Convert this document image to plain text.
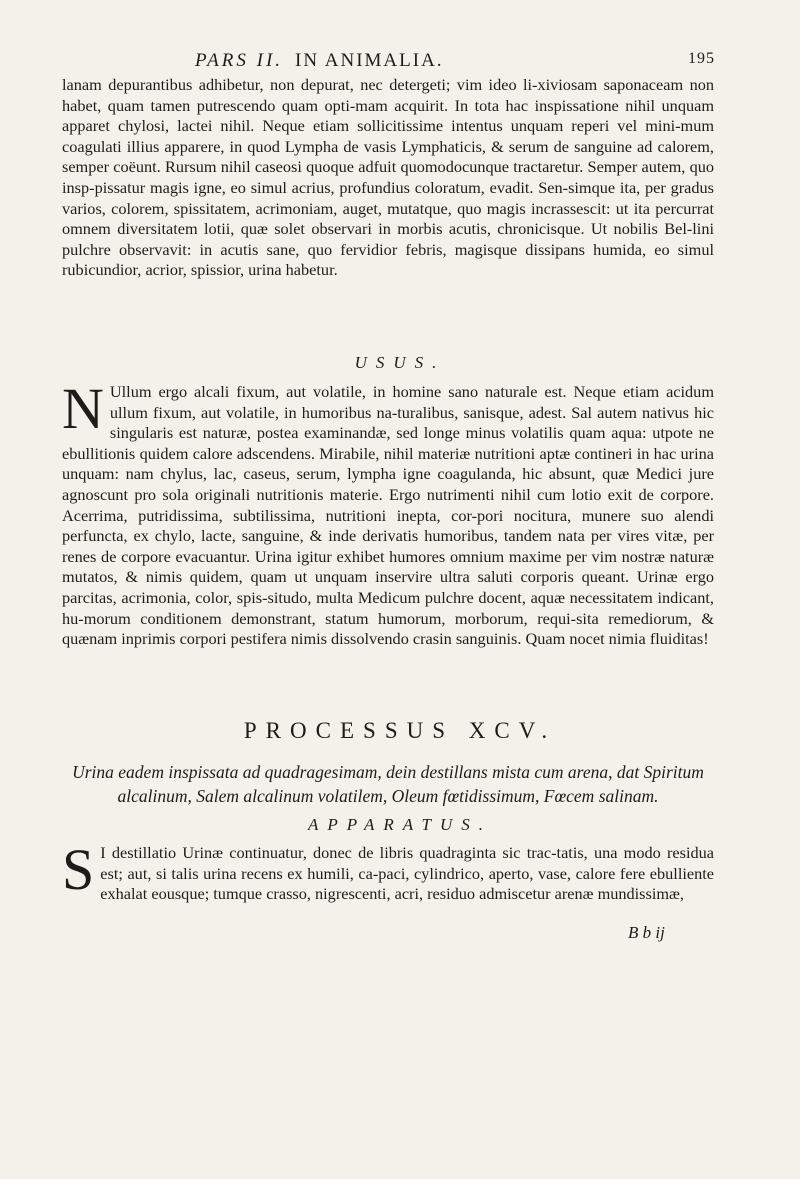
PARS II. IN ANIMALIA.	195
lanam depurantibus adhibetur, non depurat, nec detergeti; vim ideo li-xiviosam saponaceam non habet, quam tamen putrescendo quam opti-mam acquirit. In tota hac inspissatione nihil unquam apparet chylosi, lactei nihil. Neque etiam sollicitissime intentus unquam reperi vel mini-mum coagulati illius apparere, in quod Lympha de vasis Lymphaticis, & serum de sanguine ad calorem, semper coëunt. Rursum nihil caseosi quoque adfuit quomodocunque tractaretur. Semper autem, quo insp-pissatur magis igne, eo simul acrius, profundius coloratum, evadit. Sen-simque ita, per gradus varios, colorem, spissitatem, acrimoniam, auget, mutatque, quo magis incrassescit: ut ita percurrat omnem diversitatem lotii, quæ solet observari in morbis acutis, chronicisque. Ut nobilis Bel-lini pulchre observavit: in acutis sane, quo fervidior febris, magisque dissipans humida, eo simul rubicundior, acrior, spissior, urina habetur.
USUS.
N Ullum ergo alcali fixum, aut volatile, in homine sano naturale est. Neque etiam acidum ullum fixum, aut volatile, in humoribus na-turalibus, sanisque, adest. Sal autem nativus hic singularis est naturæ, postea examinandæ, sed longe minus volatilis quam aqua: utpote ne ebullitionis quidem calore adscendens. Mirabile, nihil materiæ nutritioni aptæ contineri in hac urina unquam: nam chylus, lac, caseus, serum, lympha igne coagulanda, hic absunt, quæ Medici jure agnoscunt pro sola originali nutritionis materie. Ergo nutrimenti nihil cum lotio exit de corpore. Acerrima, putridissima, subtilissima, nutritioni inepta, cor-pori nocitura, munere suo alendi perfuncta, ex chylo, lacte, sanguine, & inde derivatis humoribus, tandem nata per vires vitæ, per renes de corpore evacuantur. Urina igitur exhibet humores omnium maxime per vim nostræ naturæ mutatos, & nimis quidem, quam ut unquam inservire ultra saluti corporis queant. Urinæ ergo parcitas, acrimonia, color, spis-situdo, multa Medicum pulchre docent, aquæ necessitatem indicant, hu-morum conditionem demonstrant, statum humorum, morborum, requi-sita remediorum, & quænam inprimis corpori pestifera nimis dissolvendo crasin sanguinis. Quam nocet nimia fluiditas!
PROCESSUS XCV.
Urina eadem inspissata ad quadragesimam, dein destillans mista cum arena, dat Spiritum alcalinum, Salem alcalinum volatilem, Oleum fœtidissimum, Fœcem salinam.
APPARATUS.
S I destillatio Urinæ continuatur, donec de libris quadraginta sic trac-tatis, una modo residua est; aut, si talis urina recens ex humili, ca-paci, cylindrico, aperto, vase, calore fere ebulliente exhalat eousque; tumque crasso, nigrescenti, acri, residuo admiscetur arenæ mundissimæ,
B b ij
